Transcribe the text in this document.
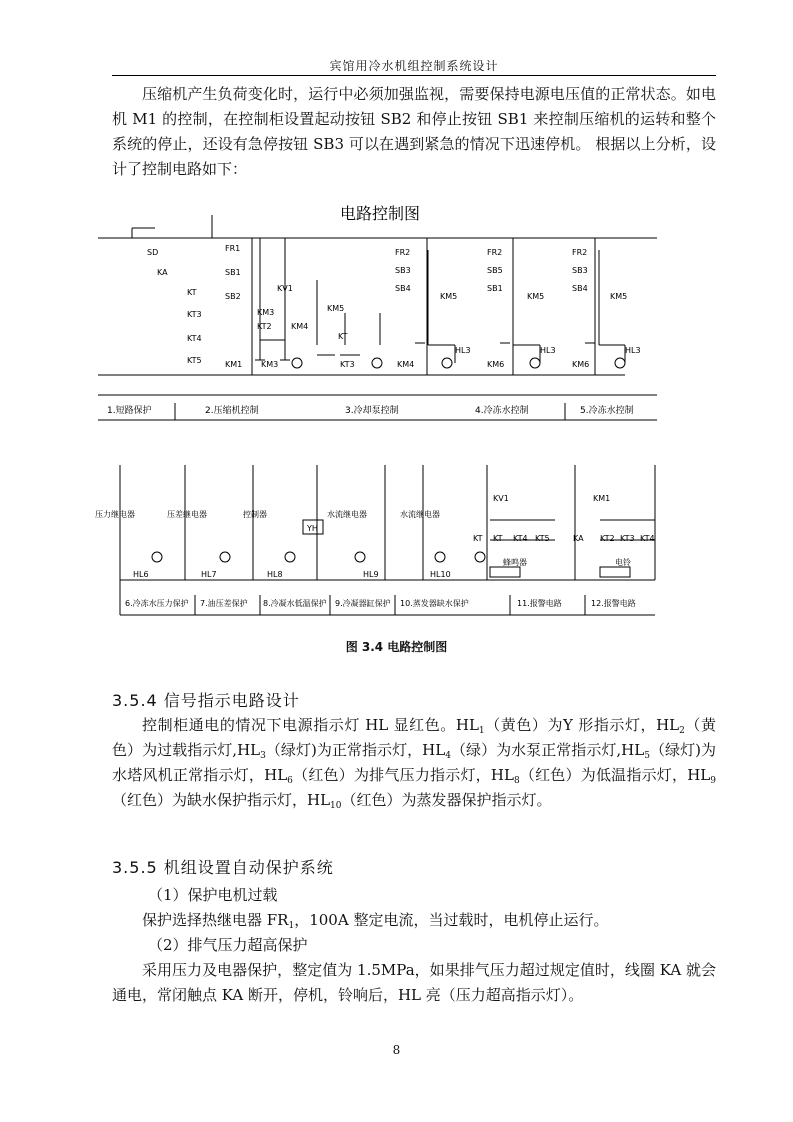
宾馆用冷水机组控制系统设计
压缩机产生负荷变化时，运行中必须加强监视，需要保持电源电压值的正常状态。如电机 M1 的控制，在控制柜设置起动按钮 SB2 和停止按钮 SB1 来控制压缩机的运转和整个系统的停止，还设有急停按钮 SB3 可以在遇到紧急的情况下迅速停机。 根据以上分析，设计了控制电路如下：
电路控制图
SD
KA
KT
KT3
KT4
KT5
FR1
SB1
SB2
KV1
KM3
KT2 KM4
KM5
KT
KM1 KM3	KT3
FR2
SB3
SB4
KM5
KM4
HL3
FR2
SB5
SB1
KM5
KM6
HL3
FR2
SB3
SB4
KM5
KM6
HL3
1.短路保护	2.压缩机控制	3.冷却泵控制	4.冷冻水控制	5.冷冻水控制
压力继电器	压差继电器	控制器	水流继电器	水流继电器
YH
HL6	HL7	HL8	HL9	HL10
KV1
KT KT KT4 KT5
蜂鸣器
KM1
KA KT2 KT3 KT4
电铃
6.冷冻水压力保护 7.油压差保护 8.冷凝水低温保护 9.冷凝器缸保护 10.蒸发器缺水保护	11.报警电路	12.报警电路
图 3.4 电路控制图
3.5.4 信号指示电路设计
控制柜通电的情况下电源指示灯 HL 显红色。$HL_1$（黄色）为Y 形指示灯，$HL_2$（黄色）为过载指示灯$,HL_3$（绿灯)为正常指示灯，$HL_4$（绿）为水泵正常指示灯$,HL_5$（绿灯)为水塔风机正常指示灯，$HL_6$（红色）为排气压力指示灯，$HL_8$（红色）为低温指示灯，$HL_9$（红色）为缺水保护指示灯，$HL_{10}$（红色）为蒸发器保护指示灯。
3.5.5 机组设置自动保护系统
（1）保护电机过载
保护选择热继电器 $FR_1$，100A 整定电流，当过载时，电机停止运行。
（2）排气压力超高保护
采用压力及电器保护，整定值为 1.5MPa，如果排气压力超过规定值时，线圈 KA 就会通电，常闭触点 KA 断开，停机，铃响后，HL 亮（压力超高指示灯）。
8
